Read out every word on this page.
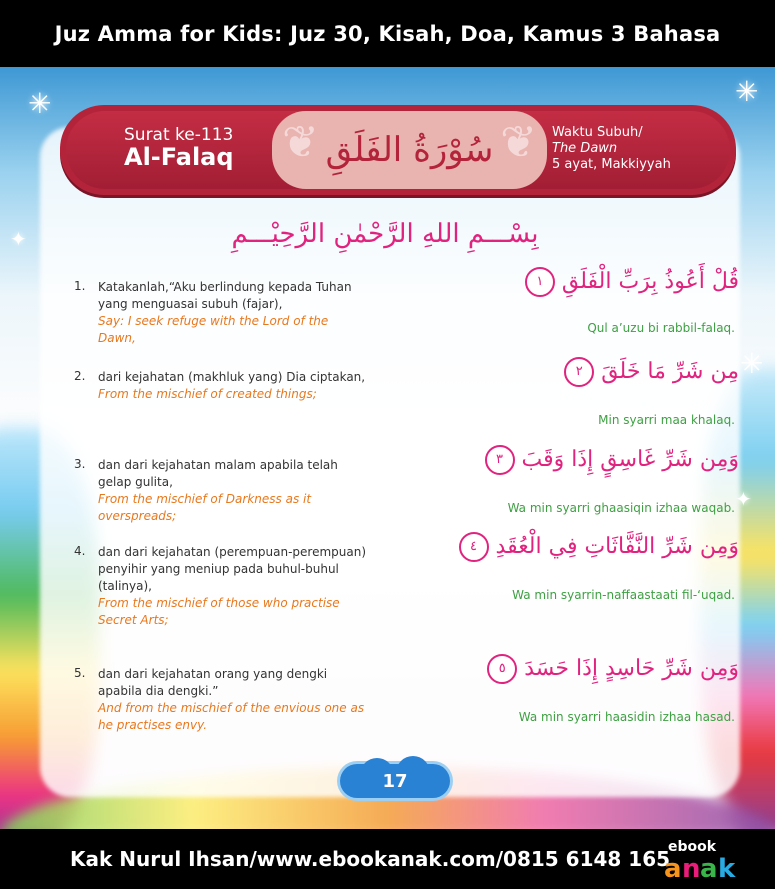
Juz Amma for Kids: Juz 30, Kisah, Doa, Kamus 3 Bahasa
✳	✳
✳
✦
✦
Surat ke-113
Al-Falaq ❦	❦
سُوْرَةُ الفَلَقِ	Waktu Subuh/
The Dawn
5 ayat, Makkiyyah
بِسْـــمِ اللهِ الرَّحْمٰنِ الرَّحِيْـــمِ
1. Katakanlah,“Aku berlindung kepada Tuhan yang menguasai subuh (fajar),
Say: I seek refuge with the Lord of the Dawn,
قُلْ أَعُوذُ بِرَبِّ الْفَلَقِ ١
Qul a’uzu bi rabbil-falaq.
2. dari kejahatan (makhluk yang) Dia ciptakan,
From the mischief of created things;
مِن شَرِّ مَا خَلَقَ ٢
Min syarri maa khalaq.
3. dan dari kejahatan malam apabila telah gelap gulita,
From the mischief of Darkness as it overspreads;
وَمِن شَرِّ غَاسِقٍ إِذَا وَقَبَ ٣
Wa min syarri ghaasiqin izhaa waqab.
4. dan dari kejahatan (perempuan-perempuan) penyihir yang meniup pada buhul-buhul (talinya),
From the mischief of those who practise Secret Arts;
وَمِن شَرِّ النَّفَّاثَاتِ فِي الْعُقَدِ ٤
Wa min syarrin-naffaastaati fil-‘uqad.
5. dan dari kejahatan orang yang dengki apabila dia dengki.”
And from the mischief of the envious one as he practises envy.
وَمِن شَرِّ حَاسِدٍ إِذَا حَسَدَ ٥
Wa min syarri haasidin izhaa hasad.
17
Kak Nurul Ihsan/www.ebookanak.com/0815 6148 165
ebook
a n a k
